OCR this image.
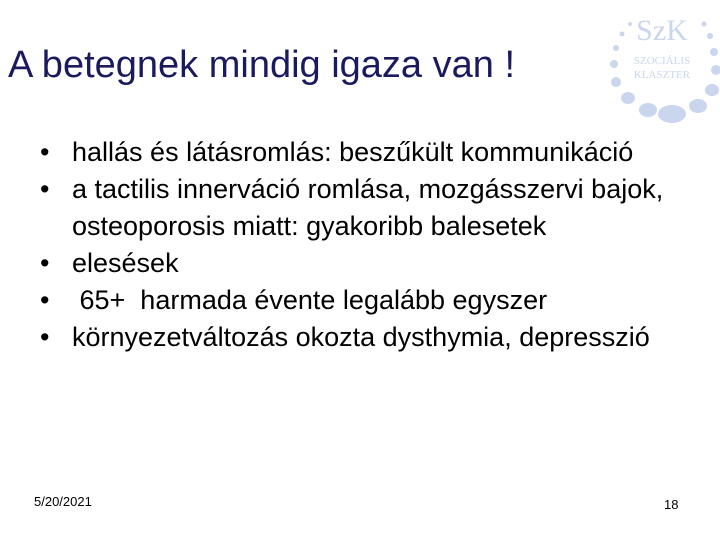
A betegnek mindig igaza van !
SzK
SZOCIÁLIS
KLASZTER
• hallás és látásromlás: beszűkült kommunikáció
• a tactilis innerváció romlása, mozgásszervi bajok, osteoporosis miatt: gyakoribb balesetek
• elesések
• 65+  harmada évente legalább egyszer
• környezetváltozás okozta dysthymia, depresszió
5/20/2021	18
